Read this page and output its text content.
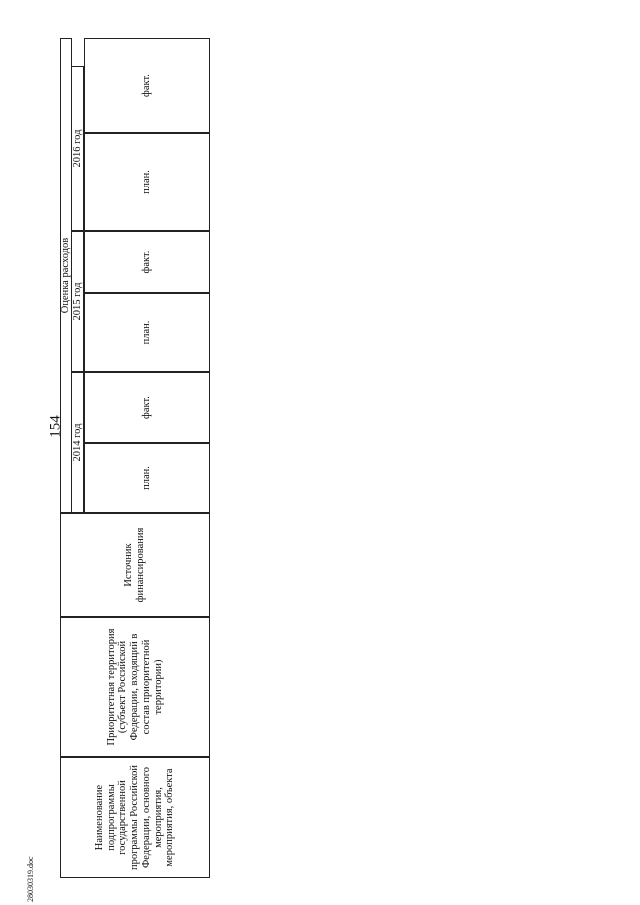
154
28030319.doc
Наименование подпрограммы государственной программы Российской Федерации, основного мероприятия, мероприятия, объекта
Приоритетная территория (субъект Российской Федерации, входящий в состав приоритетной территории)
Источник финансирования
Оценка расходов
2014 год
2015 год
2016 год
план.
факт.
план.
факт.
план.
факт.
